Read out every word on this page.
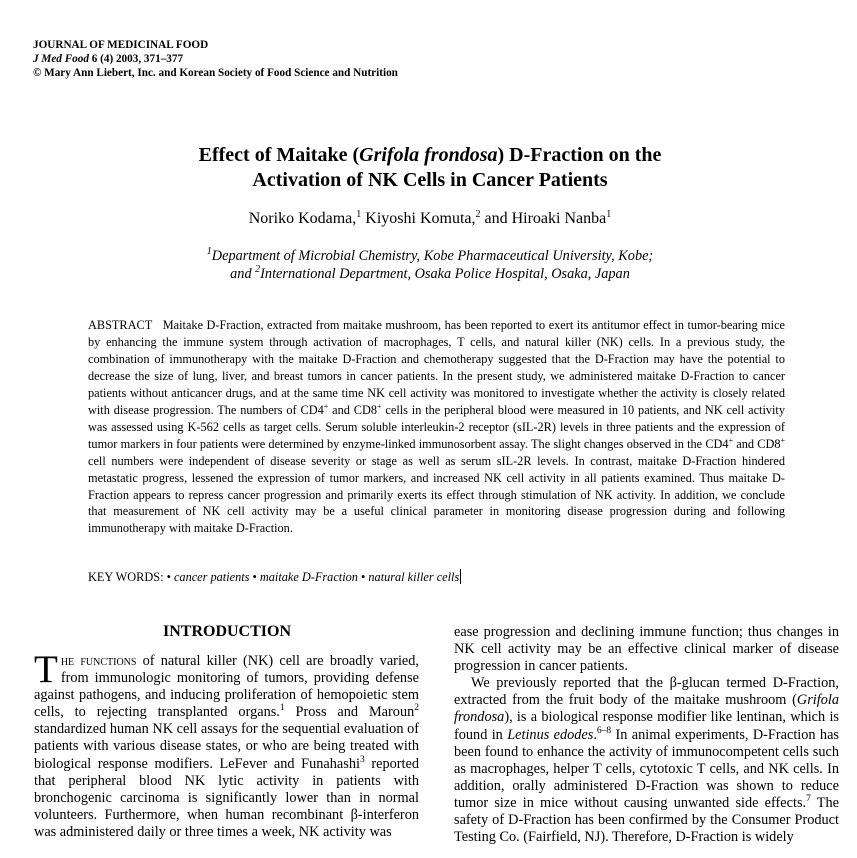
JOURNAL OF MEDICINAL FOOD
J Med Food 6 (4) 2003, 371–377
© Mary Ann Liebert, Inc. and Korean Society of Food Science and Nutrition
Effect of Maitake (Grifola frondosa) D-Fraction on the
Activation of NK Cells in Cancer Patients
Noriko Kodama,$^1$ Kiyoshi Komuta,$^2$ and Hiroaki Nanba$^1$
$^1$Department of Microbial Chemistry, Kobe Pharmaceutical University, Kobe;
and $^2$International Department, Osaka Police Hospital, Osaka, Japan
ABSTRACT Maitake D-Fraction, extracted from maitake mushroom, has been reported to exert its antitumor effect in tumor-bearing mice by enhancing the immune system through activation of macrophages, T cells, and natural killer (NK) cells. In a previous study, the combination of immunotherapy with the maitake D-Fraction and chemotherapy suggested that the D-Fraction may have the potential to decrease the size of lung, liver, and breast tumors in cancer patients. In the present study, we administered maitake D-Fraction to cancer patients without anticancer drugs, and at the same time NK cell activity was monitored to investigate whether the activity is closely related with disease progression. The numbers of CD4+ and CD8+ cells in the peripheral blood were measured in 10 patients, and NK cell activity was assessed using K-562 cells as target cells. Serum soluble interleukin-2 receptor (sIL-2R) levels in three patients and the expression of tumor markers in four patients were determined by enzyme-linked immunosorbent assay. The slight changes observed in the CD4+ and CD8+ cell numbers were independent of disease severity or stage as well as serum sIL-2R levels. In contrast, maitake D-Fraction hindered metastatic progress, lessened the expression of tumor markers, and increased NK cell activity in all patients examined. Thus maitake D-Fraction appears to repress cancer progression and primarily exerts its effect through stimulation of NK activity. In addition, we conclude that measurement of NK cell activity may be a useful clinical parameter in monitoring disease progression during and following immunotherapy with maitake D-Fraction.
KEY WORDS: • cancer patients • maitake D-Fraction • natural killer cells
INTRODUCTION
The functions of natural killer (NK) cell are broadly varied, from immunologic monitoring of tumors, providing defense against pathogens, and inducing proliferation of hemopoietic stem cells, to rejecting transplanted organs.$^1$ Pross and Maroun$^2$ standardized human NK cell assays for the sequential evaluation of patients with various disease states, or who are being treated with biological response modifiers. LeFever and Funahashi$^3$ reported that peripheral blood NK lytic activity in patients with bronchogenic carcinoma is significantly lower than in normal volunteers. Furthermore, when human recombinant β-interferon was administered daily or three times a week, NK activity was

ease progression and declining immune function; thus changes in NK cell activity may be an effective clinical marker of disease progression in cancer patients.

We previously reported that the β-glucan termed D-Fraction, extracted from the fruit body of the maitake mushroom (Grifola frondosa), is a biological response modifier like lentinan, which is found in Letinus edodes.$^{6-8}$ In animal experiments, D-Fraction has been found to enhance the activity of immunocompetent cells such as macrophages, helper T cells, cytotoxic T cells, and NK cells. In addition, orally administered D-Fraction was shown to reduce tumor size in mice without causing unwanted side effects.$^7$ The safety of D-Fraction has been confirmed by the Consumer Product Testing Co. (Fairfield, NJ). Therefore, D-Fraction is widely
